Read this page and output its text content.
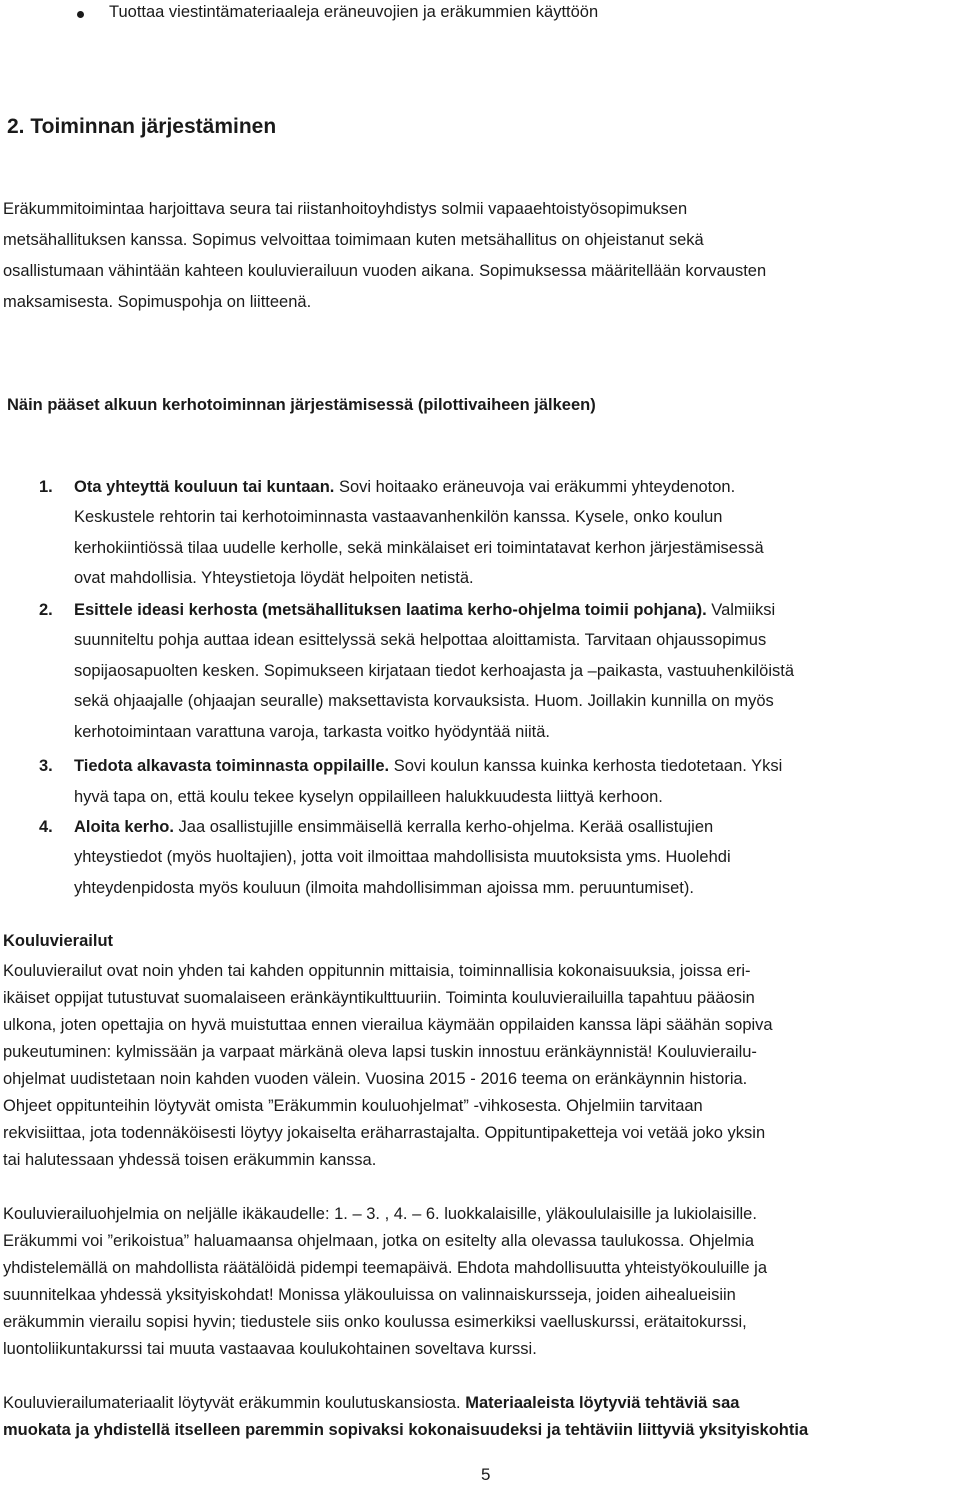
Tuottaa viestintämateriaaleja eräneuvojien ja eräkummien käyttöön
2. Toiminnan järjestäminen
Eräkummitoimintaa harjoittava seura tai riistanhoitoyhdistys solmii vapaaehtoistyösopimuksen
metsähallituksen kanssa. Sopimus velvoittaa toimimaan kuten metsähallitus on ohjeistanut sekä
osallistumaan vähintään kahteen kouluvierailuun vuoden aikana. Sopimuksessa määritellään korvausten
maksamisesta. Sopimuspohja on liitteenä.
Näin pääset alkuun kerhotoiminnan järjestämisessä (pilottivaiheen jälkeen)
1. Ota yhteyttä kouluun tai kuntaan. Sovi hoitaako eräneuvoja vai eräkummi yhteydenoton.
Keskustele rehtorin tai kerhotoiminnasta vastaavanhenkilön kanssa. Kysele, onko koulun
kerhokiintiössä tilaa uudelle kerholle, sekä minkälaiset eri toimintatavat kerhon järjestämisessä
ovat mahdollisia. Yhteystietoja löydät helpoiten netistä.
2. Esittele ideasi kerhosta (metsähallituksen laatima kerho-ohjelma toimii pohjana). Valmiiksi
suunniteltu pohja auttaa idean esittelyssä sekä helpottaa aloittamista. Tarvitaan ohjaussopimus
sopijaosapuolten kesken. Sopimukseen kirjataan tiedot kerhoajasta ja –paikasta, vastuuhenkilöistä
sekä ohjaajalle (ohjaajan seuralle) maksettavista korvauksista. Huom. Joillakin kunnilla on myös
kerhotoimintaan varattuna varoja, tarkasta voitko hyödyntää niitä.
3. Tiedota alkavasta toiminnasta oppilaille. Sovi koulun kanssa kuinka kerhosta tiedotetaan. Yksi
hyvä tapa on, että koulu tekee kyselyn oppilailleen halukkuudesta liittyä kerhoon.
4. Aloita kerho. Jaa osallistujille ensimmäisellä kerralla kerho-ohjelma. Kerää osallistujien
yhteystiedot (myös huoltajien), jotta voit ilmoittaa mahdollisista muutoksista yms. Huolehdi
yhteydenpidosta myös kouluun (ilmoita mahdollisimman ajoissa mm. peruuntumiset).
Kouluvierailut
Kouluvierailut ovat noin yhden tai kahden oppitunnin mittaisia, toiminnallisia kokonaisuuksia, joissa eri-
ikäiset oppijat tutustuvat suomalaiseen eränkäyntikulttuuriin. Toiminta kouluvierailuilla tapahtuu pääosin
ulkona, joten opettajia on hyvä muistuttaa ennen vierailua käymään oppilaiden kanssa läpi säähän sopiva
pukeutuminen: kylmissään ja varpaat märkänä oleva lapsi tuskin innostuu eränkäynnistä! Kouluvierailu-
ohjelmat uudistetaan noin kahden vuoden välein. Vuosina 2015 - 2016 teema on eränkäynnin historia.
Ohjeet oppitunteihin löytyvät omista ”Eräkummin kouluohjelmat” -vihkosesta. Ohjelmiin tarvitaan
rekvisiittaa, jota todennäköisesti löytyy jokaiselta eräharrastajalta. Oppituntipaketteja voi vetää joko yksin
tai halutessaan yhdessä toisen eräkummin kanssa.
Kouluvierailuohjelmia on neljälle ikäkaudelle: 1. – 3. , 4. – 6. luokkalaisille, yläkoululaisille ja lukiolaisille.
Eräkummi voi ”erikoistua” haluamaansa ohjelmaan, jotka on esitelty alla olevassa taulukossa. Ohjelmia
yhdistelemällä on mahdollista räätälöidä pidempi teemapäivä. Ehdota mahdollisuutta yhteistyökouluille ja
suunnitelkaa yhdessä yksityiskohdat! Monissa yläkouluissa on valinnaiskursseja, joiden aihealueisiin
eräkummin vierailu sopisi hyvin; tiedustele siis onko koulussa esimerkiksi vaelluskurssi, erätaitokurssi,
luontoliikuntakurssi tai muuta vastaavaa koulukohtainen soveltava kurssi.
Kouluvierailumateriaalit löytyvät eräkummin koulutuskansiosta. Materiaaleista löytyviä tehtäviä saa
muokata ja yhdistellä itselleen paremmin sopivaksi kokonaisuudeksi ja tehtäviin liittyviä yksityiskohtia
5
